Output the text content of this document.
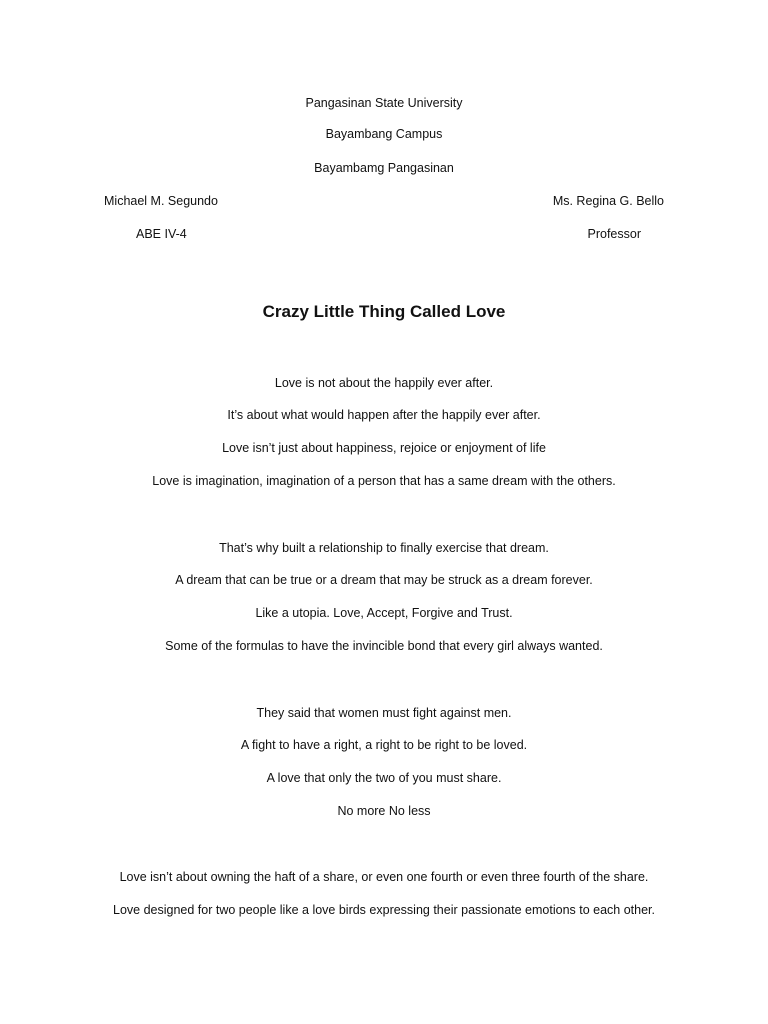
Pangasinan State University
Bayambang Campus
Bayambamg Pangasinan
Michael M. Segundo	Ms. Regina G. Bello
ABE IV-4	Professor
Crazy Little Thing Called Love
Love is not about the happily ever after.
It’s about what would happen after the happily ever after.
Love isn’t just about happiness, rejoice or enjoyment of life
Love is imagination, imagination of a person that has a same dream with the others.
That’s why built a relationship to finally exercise that dream.
A dream that can be true or a dream that may be struck as a dream forever.
Like a utopia. Love, Accept, Forgive and Trust.
Some of the formulas to have the invincible bond that every girl always wanted.
They said that women must fight against men.
A fight to have a right, a right to be right to be loved.
A love that only the two of you must share.
No more No less
Love isn’t about owning the haft of a share, or even one fourth or even three fourth of the share.
Love designed for two people like a love birds expressing their passionate emotions to each other.
